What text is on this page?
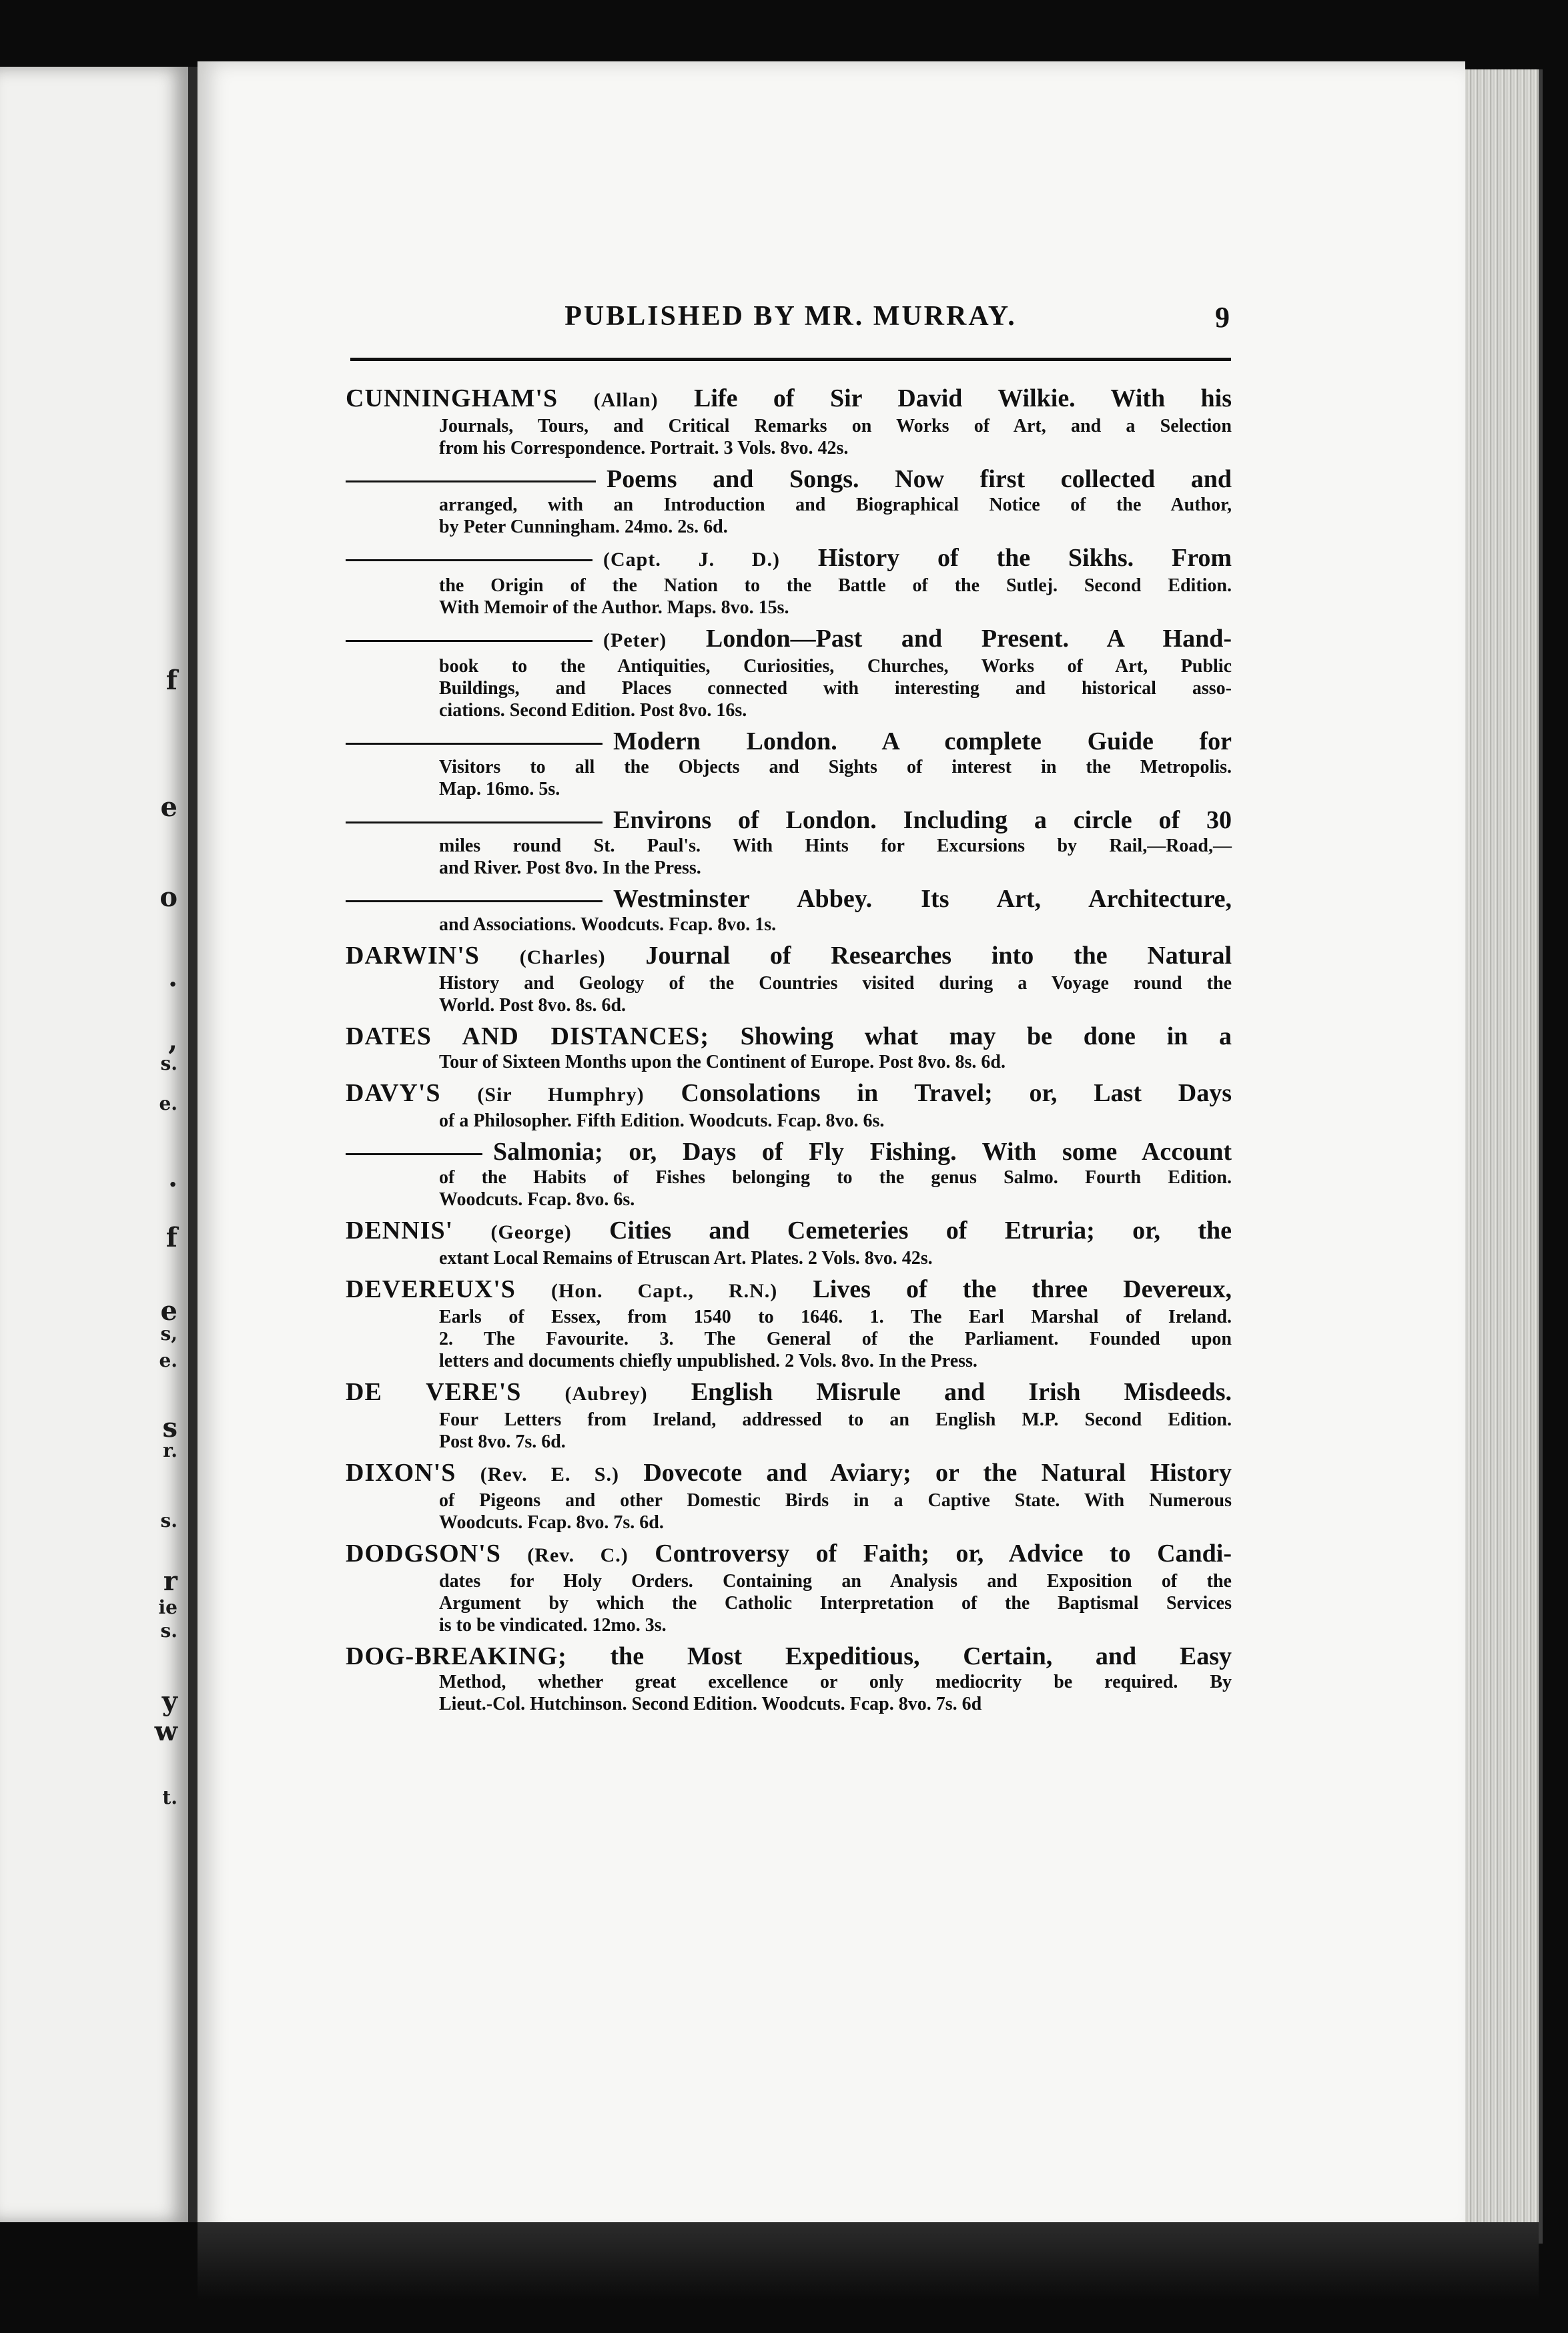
f
e
o
.
,
s.
e.
.
f
e
s,
e.
s
r.
s.
r
ie
s.
y
w
t.
PUBLISHED BY MR. MURRAY.	9
CUNNINGHAM'S (Allan) Life of Sir David Wilkie. With his
Journals, Tours, and Critical Remarks on Works of Art, and a Selection
from his Correspondence. Portrait. 3 Vols. 8vo. 42s.
Poems and Songs. Now first collected and
arranged, with an Introduction and Biographical Notice of the Author,
by Peter Cunningham. 24mo. 2s. 6d.
(Capt. J. D.) History of the Sikhs. From
the Origin of the Nation to the Battle of the Sutlej. Second Edition.
With Memoir of the Author. Maps. 8vo. 15s.
(Peter) London—Past and Present. A Hand-
book to the Antiquities, Curiosities, Churches, Works of Art, Public
Buildings, and Places connected with interesting and historical asso-
ciations. Second Edition. Post 8vo. 16s.
Modern London. A complete Guide for
Visitors to all the Objects and Sights of interest in the Metropolis.
Map. 16mo. 5s.
Environs of London. Including a circle of 30
miles round St. Paul's. With Hints for Excursions by Rail,—Road,—
and River. Post 8vo. In the Press.
Westminster Abbey. Its Art, Architecture,
and Associations. Woodcuts. Fcap. 8vo. 1s.
DARWIN'S (Charles) Journal of Researches into the Natural
History and Geology of the Countries visited during a Voyage round the
World. Post 8vo. 8s. 6d.
DATES AND DISTANCES; Showing what may be done in a
Tour of Sixteen Months upon the Continent of Europe. Post 8vo. 8s. 6d.
DAVY'S (Sir Humphry) Consolations in Travel; or, Last Days
of a Philosopher. Fifth Edition. Woodcuts. Fcap. 8vo. 6s.
Salmonia; or, Days of Fly Fishing. With some Account
of the Habits of Fishes belonging to the genus Salmo. Fourth Edition.
Woodcuts. Fcap. 8vo. 6s.
DENNIS' (George) Cities and Cemeteries of Etruria; or, the
extant Local Remains of Etruscan Art. Plates. 2 Vols. 8vo. 42s.
DEVEREUX'S (Hon. Capt., R.N.) Lives of the three Devereux,
Earls of Essex, from 1540 to 1646. 1. The Earl Marshal of Ireland.
2. The Favourite. 3. The General of the Parliament. Founded upon
letters and documents chiefly unpublished. 2 Vols. 8vo. In the Press.
DE VERE'S (Aubrey) English Misrule and Irish Misdeeds.
Four Letters from Ireland, addressed to an English M.P. Second Edition.
Post 8vo. 7s. 6d.
DIXON'S (Rev. E. S.) Dovecote and Aviary; or the Natural History
of Pigeons and other Domestic Birds in a Captive State. With Numerous
Woodcuts. Fcap. 8vo. 7s. 6d.
DODGSON'S (Rev. C.) Controversy of Faith; or, Advice to Candi-
dates for Holy Orders. Containing an Analysis and Exposition of the
Argument by which the Catholic Interpretation of the Baptismal Services
is to be vindicated. 12mo. 3s.
DOG-BREAKING; the Most Expeditious, Certain, and Easy
Method, whether great excellence or only mediocrity be required. By
Lieut.-Col. Hutchinson. Second Edition. Woodcuts. Fcap. 8vo. 7s. 6d
